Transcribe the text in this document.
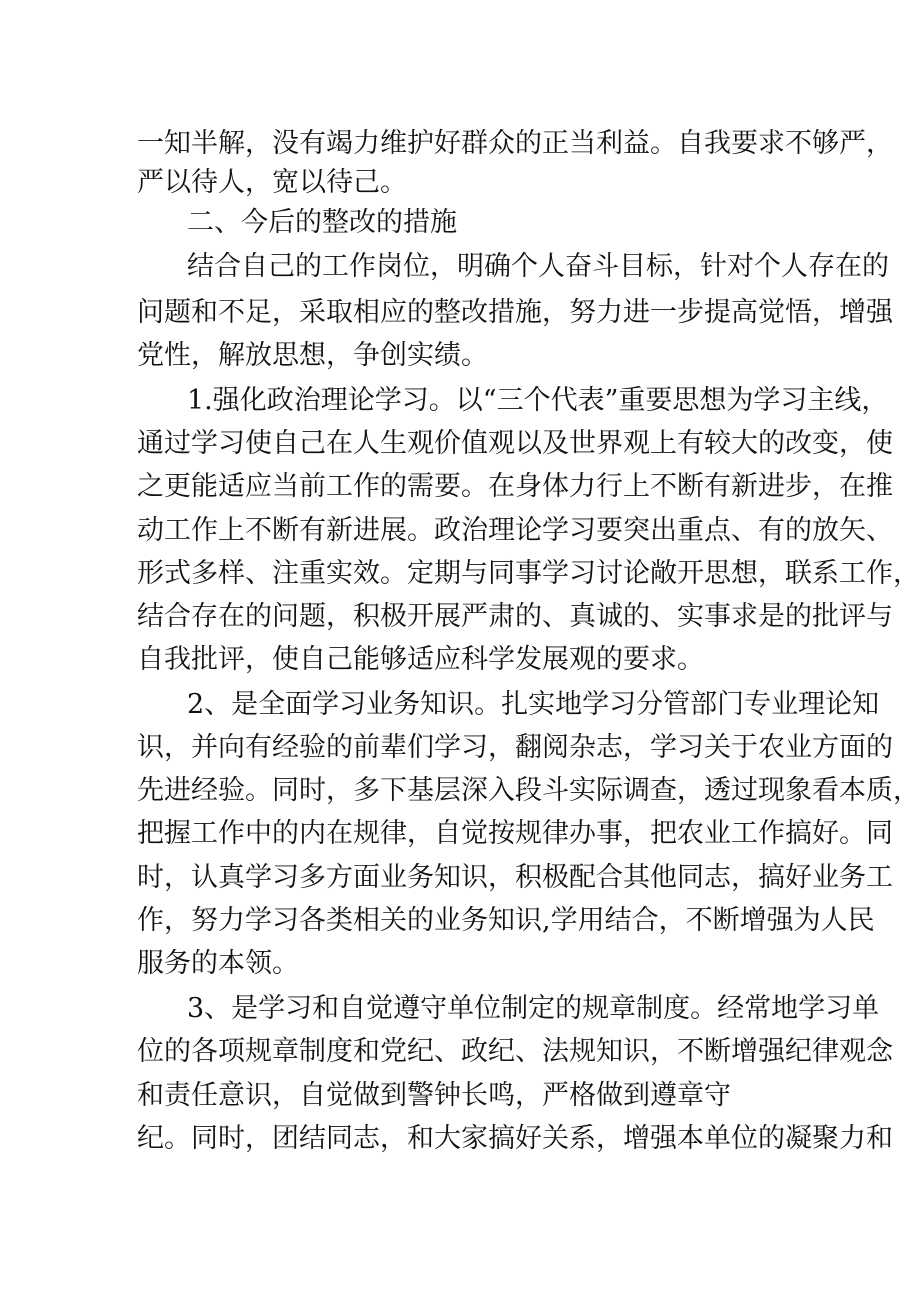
一知半解，没有竭力维护好群众的正当利益。自我要求不够严，
严以待人，宽以待己。
二、今后的整改的措施
结合自己的工作岗位，明确个人奋斗目标，针对个人存在的
问题和不足，采取相应的整改措施，努力进一步提高觉悟，增强
党性，解放思想，争创实绩。
1.强化政治理论学习。以“三个代表”重要思想为学习主线，
通过学习使自己在人生观价值观以及世界观上有较大的改变，使
之更能适应当前工作的需要。在身体力行上不断有新进步，在推
动工作上不断有新进展。政治理论学习要突出重点、有的放矢、
形式多样、注重实效。定期与同事学习讨论敞开思想，联系工作，
结合存在的问题，积极开展严肃的、真诚的、实事求是的批评与
自我批评，使自己能够适应科学发展观的要求。
2、是全面学习业务知识。扎实地学习分管部门专业理论知
识，并向有经验的前辈们学习，翻阅杂志，学习关于农业方面的
先进经验。同时，多下基层深入段斗实际调查，透过现象看本质，
把握工作中的内在规律，自觉按规律办事，把农业工作搞好。同
时，认真学习多方面业务知识，积极配合其他同志，搞好业务工
作，努力学习各类相关的业务知识,学用结合，不断增强为人民
服务的本领。
3、是学习和自觉遵守单位制定的规章制度。经常地学习单
位的各项规章制度和党纪、政纪、法规知识，不断增强纪律观念
和责任意识，自觉做到警钟长鸣，严格做到遵章守
纪。同时，团结同志，和大家搞好关系，增强本单位的凝聚力和
